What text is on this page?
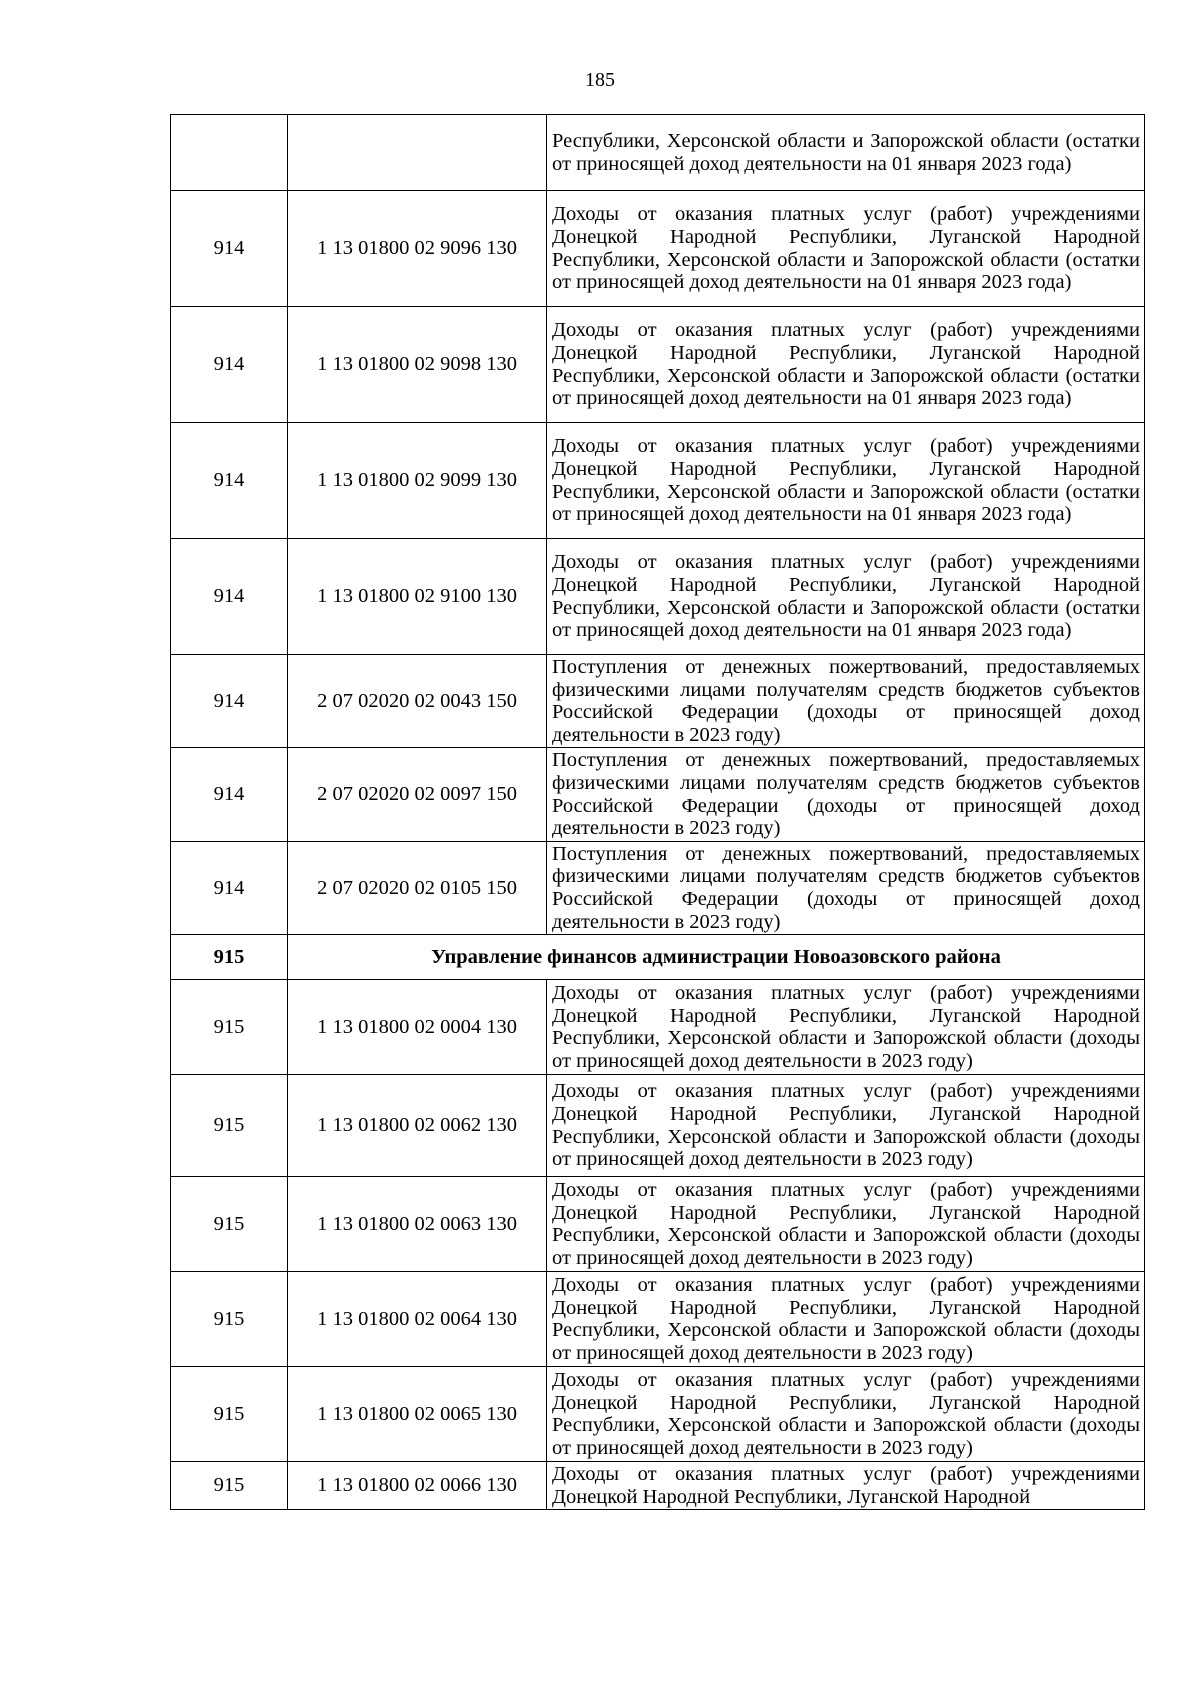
185
		Республики, Херсонской области и Запорожской области (остатки от приносящей доход деятельности на 01 января 2023 года)
914	1 13 01800 02 9096 130	Доходы от оказания платных услуг (работ) учреждениями Донецкой Народной Республики, Луганской Народной Республики, Херсонской области и Запорожской области (остатки от приносящей доход деятельности на 01 января 2023 года)
914	1 13 01800 02 9098 130	Доходы от оказания платных услуг (работ) учреждениями Донецкой Народной Республики, Луганской Народной Республики, Херсонской области и Запорожской области (остатки от приносящей доход деятельности на 01 января 2023 года)
914	1 13 01800 02 9099 130	Доходы от оказания платных услуг (работ) учреждениями Донецкой Народной Республики, Луганской Народной Республики, Херсонской области и Запорожской области (остатки от приносящей доход деятельности на 01 января 2023 года)
914	1 13 01800 02 9100 130	Доходы от оказания платных услуг (работ) учреждениями Донецкой Народной Республики, Луганской Народной Республики, Херсонской области и Запорожской области (остатки от приносящей доход деятельности на 01 января 2023 года)
914	2 07 02020 02 0043 150	Поступления от денежных пожертвований, предоставляемых физическими лицами получателям средств бюджетов субъектов Российской Федерации (доходы от приносящей доход деятельности в 2023 году)
914	2 07 02020 02 0097 150	Поступления от денежных пожертвований, предоставляемых физическими лицами получателям средств бюджетов субъектов Российской Федерации (доходы от приносящей доход деятельности в 2023 году)
914	2 07 02020 02 0105 150	Поступления от денежных пожертвований, предоставляемых физическими лицами получателям средств бюджетов субъектов Российской Федерации (доходы от приносящей доход деятельности в 2023 году)
915	Управление финансов администрации Новоазовского района	
915	1 13 01800 02 0004 130	Доходы от оказания платных услуг (работ) учреждениями Донецкой Народной Республики, Луганской Народной Республики, Херсонской области и Запорожской области (доходы от приносящей доход деятельности в 2023 году)
915	1 13 01800 02 0062 130	Доходы от оказания платных услуг (работ) учреждениями Донецкой Народной Республики, Луганской Народной Республики, Херсонской области и Запорожской области (доходы от приносящей доход деятельности в 2023 году)
915	1 13 01800 02 0063 130	Доходы от оказания платных услуг (работ) учреждениями Донецкой Народной Республики, Луганской Народной Республики, Херсонской области и Запорожской области (доходы от приносящей доход деятельности в 2023 году)
915	1 13 01800 02 0064 130	Доходы от оказания платных услуг (работ) учреждениями Донецкой Народной Республики, Луганской Народной Республики, Херсонской области и Запорожской области (доходы от приносящей доход деятельности в 2023 году)
915	1 13 01800 02 0065 130	Доходы от оказания платных услуг (работ) учреждениями Донецкой Народной Республики, Луганской Народной Республики, Херсонской области и Запорожской области (доходы от приносящей доход деятельности в 2023 году)
915	1 13 01800 02 0066 130	Доходы от оказания платных услуг (работ) учреждениями Донецкой Народной Республики, Луганской Народной
